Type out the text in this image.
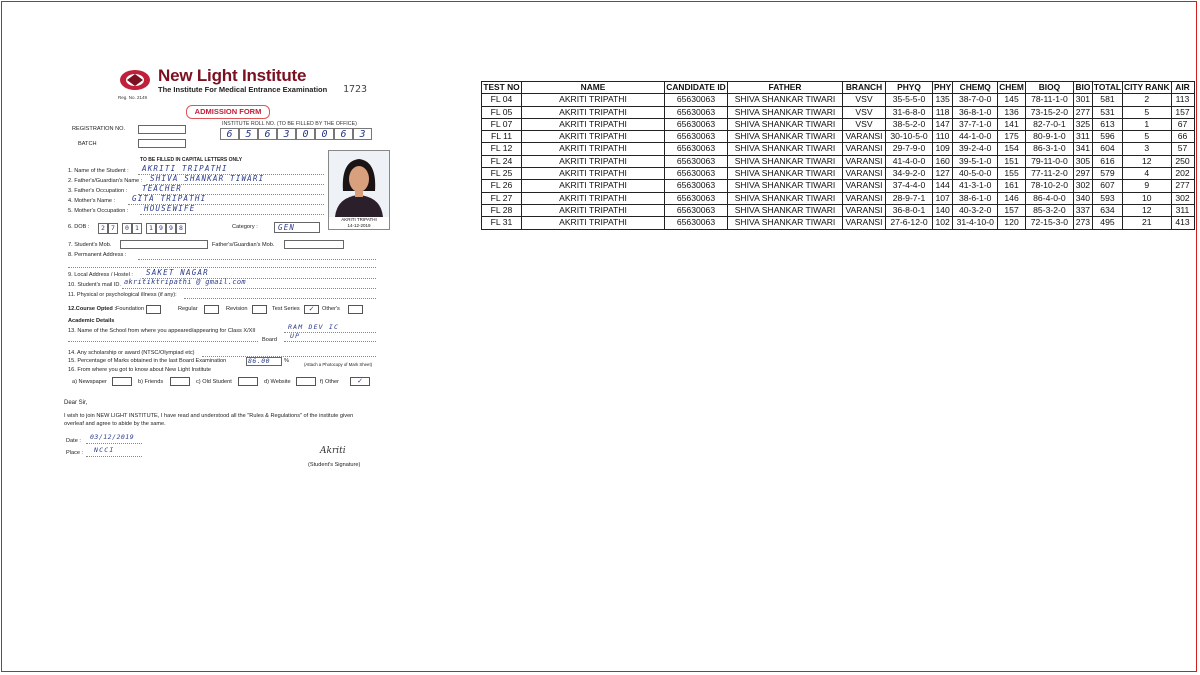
New Light Institute
The Institute For Medical Entrance Examination
Reg. No. 2149
1723
ADMISSION FORM
REGISTRATION NO.
BATCH
INSTITUTE ROLL NO. (TO BE FILLED BY THE OFFICE)
6	5	6	3	0	0	6	3
TO BE FILLED IN CAPITAL LETTERS ONLY
1. Name of the Student : AKRITI TRIPATHI
2. Father's/Guardian's Name : SHIVA SHANKAR TIWARI
3. Father's Occupation : TEACHER
4. Mother's Name : GITA TRIPATHI
5. Mother's Occupation : HOUSEWIFE
AKRITI TRIPATHI
14-12-2019
6. DOB :	2 7	0 1	1 9 9 8	Category :	GEN
7. Student's Mob.	Father's/Guardian's Mob.
8. Permanent Address :
9. Local Address / Hostel : SAKET NAGAR
10. Student's mail ID. akritiktripathi @ gmail.com
11. Physical or psychological illness (if any):
12.Course Opted : Foundation	Regular	Revision	Test Series	✓	Other's
Academic Details
13. Name of the School from where you appeared/appearing for Class X/XII	RAM DEV IC
Board UP
14. Any scholarship or award (NTSC/Olympiad etc)
15. Percentage of Marks obtained in the last Board Examination	86.00 %
(Attach a Photocopy of Mark Sheet)
16. From where you got to know about New Light Institute
a) Newspaper	b) Friends	c) Old Student	d) Website	f) Other	✓
Dear Sir,
I wish to join NEW LIGHT INSTITUTE, I have read and understood all the "Rules & Regulations" of the institute given overleaf and agree to abide by the same.
Date : 03/12/2019
Place : NCCI	Akriti
(Student's Signature)
TEST NO	NAME	CANDIDATE ID	FATHER	BRANCH	PHYQ	PHY	CHEMQ	CHEM	BIOQ	BIO	TOTAL	CITY RANK	AIR
FL 04	AKRITI TRIPATHI	65630063	SHIVA SHANKAR TIWARI	VSV	35-5-5-0	135	38-7-0-0	145	78-11-1-0	301	581	2	113
FL 05	AKRITI TRIPATHI	65630063	SHIVA SHANKAR TIWARI	VSV	31-6-8-0	118	36-8-1-0	136	73-15-2-0	277	531	5	157
FL 07	AKRITI TRIPATHI	65630063	SHIVA SHANKAR TIWARI	VSV	38-5-2-0	147	37-7-1-0	141	82-7-0-1	325	613	1	67
FL 11	AKRITI TRIPATHI	65630063	SHIVA SHANKAR TIWARI	VARANSI	30-10-5-0	110	44-1-0-0	175	80-9-1-0	311	596	5	66
FL 12	AKRITI TRIPATHI	65630063	SHIVA SHANKAR TIWARI	VARANSI	29-7-9-0	109	39-2-4-0	154	86-3-1-0	341	604	3	57
FL 24	AKRITI TRIPATHI	65630063	SHIVA SHANKAR TIWARI	VARANSI	41-4-0-0	160	39-5-1-0	151	79-11-0-0	305	616	12	250
FL 25	AKRITI TRIPATHI	65630063	SHIVA SHANKAR TIWARI	VARANSI	34-9-2-0	127	40-5-0-0	155	77-11-2-0	297	579	4	202
FL 26	AKRITI TRIPATHI	65630063	SHIVA SHANKAR TIWARI	VARANSI	37-4-4-0	144	41-3-1-0	161	78-10-2-0	302	607	9	277
FL 27	AKRITI TRIPATHI	65630063	SHIVA SHANKAR TIWARI	VARANSI	28-9-7-1	107	38-6-1-0	146	86-4-0-0	340	593	10	302
FL 28	AKRITI TRIPATHI	65630063	SHIVA SHANKAR TIWARI	VARANSI	36-8-0-1	140	40-3-2-0	157	85-3-2-0	337	634	12	311
FL 31	AKRITI TRIPATHI	65630063	SHIVA SHANKAR TIWARI	VARANSI	27-6-12-0	102	31-4-10-0	120	72-15-3-0	273	495	21	413
